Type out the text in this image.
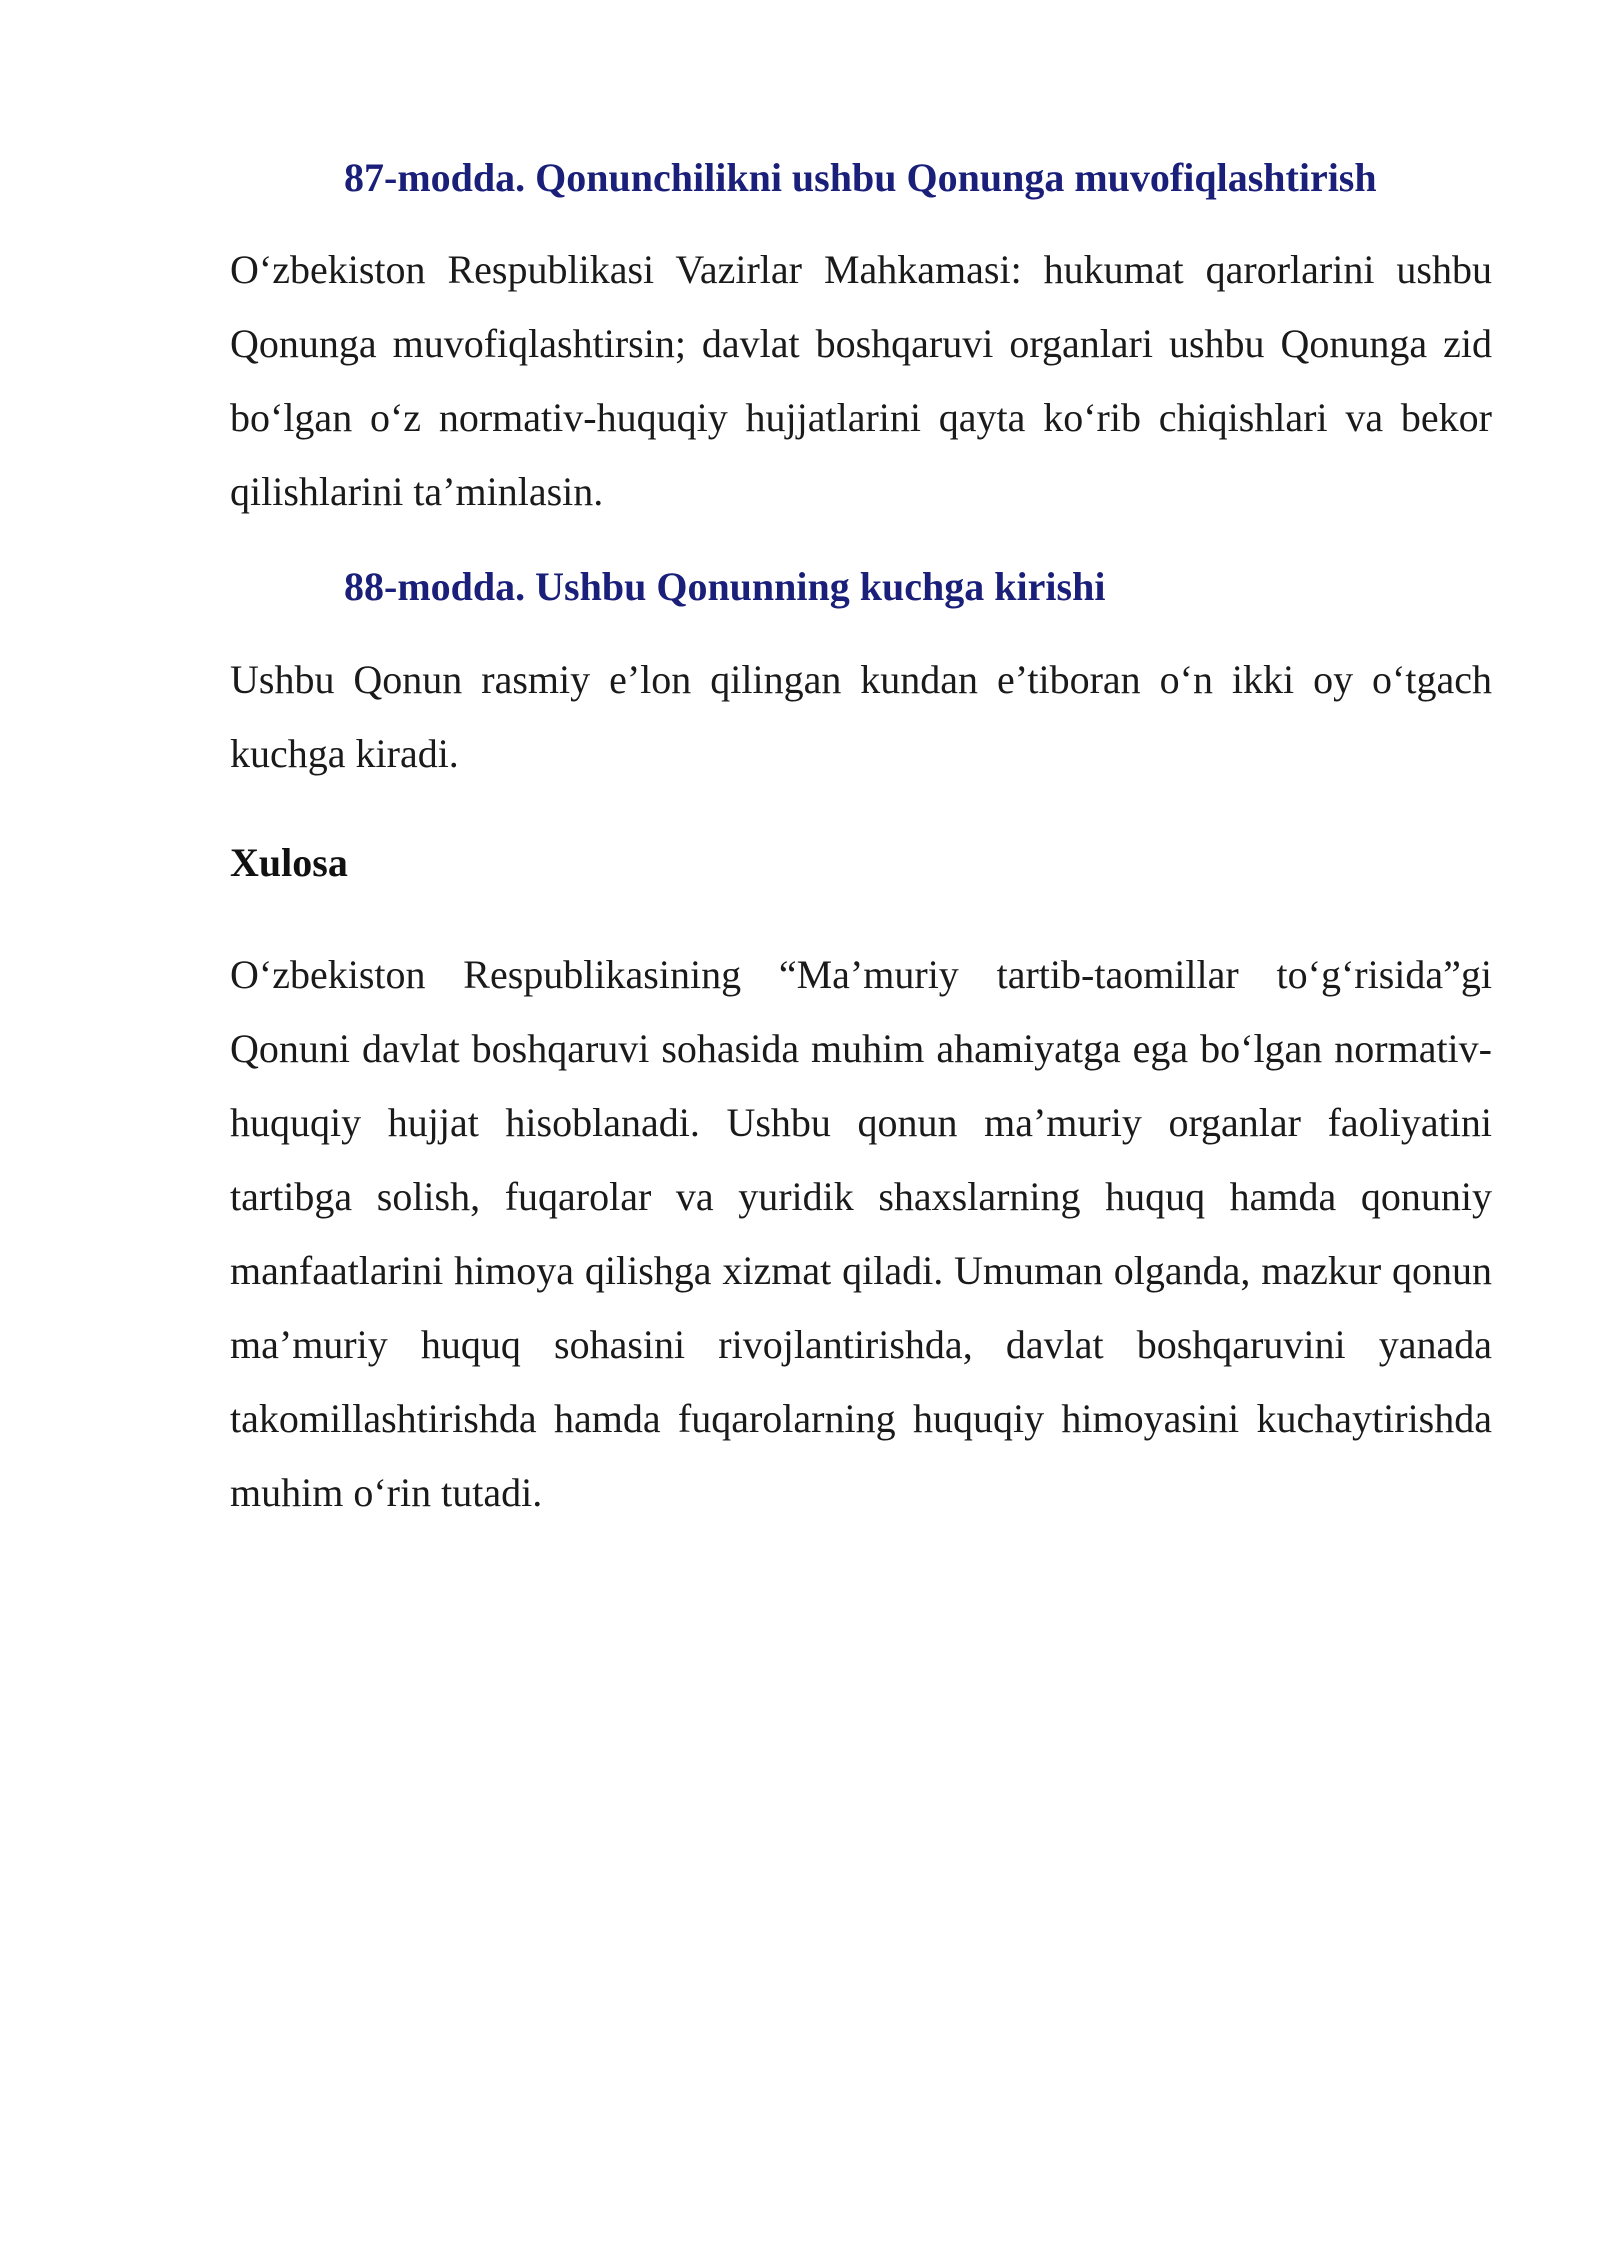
87-modda. Qonunchilikni ushbu Qonunga muvofiqlashtirish

O‘zbekiston Respublikasi Vazirlar Mahkamasi: hukumat qarorlarini ushbu Qonunga muvofiqlashtirsin; davlat boshqaruvi organlari ushbu Qonunga zid bo‘lgan o‘z normativ-huquqiy hujjatlarini qayta ko‘rib chiqishlari va bekor qilishlarini ta’minlasin.

88-modda. Ushbu Qonunning kuchga kirishi

Ushbu Qonun rasmiy e’lon qilingan kundan e’tiboran o‘n ikki oy o‘tgach kuchga kiradi.

Xulosa

O‘zbekiston Respublikasining “Ma’muriy tartib-taomillar to‘g‘risida”gi Qonuni davlat boshqaruvi sohasida muhim ahamiyatga ega bo‘lgan normativ-huquqiy hujjat hisoblanadi. Ushbu qonun ma’muriy organlar faoliyatini tartibga solish, fuqarolar va yuridik shaxslarning huquq hamda qonuniy manfaatlarini himoya qilishga xizmat qiladi. Umuman olganda, mazkur qonun ma’muriy huquq sohasini rivojlantirishda, davlat boshqaruvini yanada takomillashtirishda hamda fuqarolarning huquqiy himoyasini kuchaytirishda muhim o‘rin tutadi.
